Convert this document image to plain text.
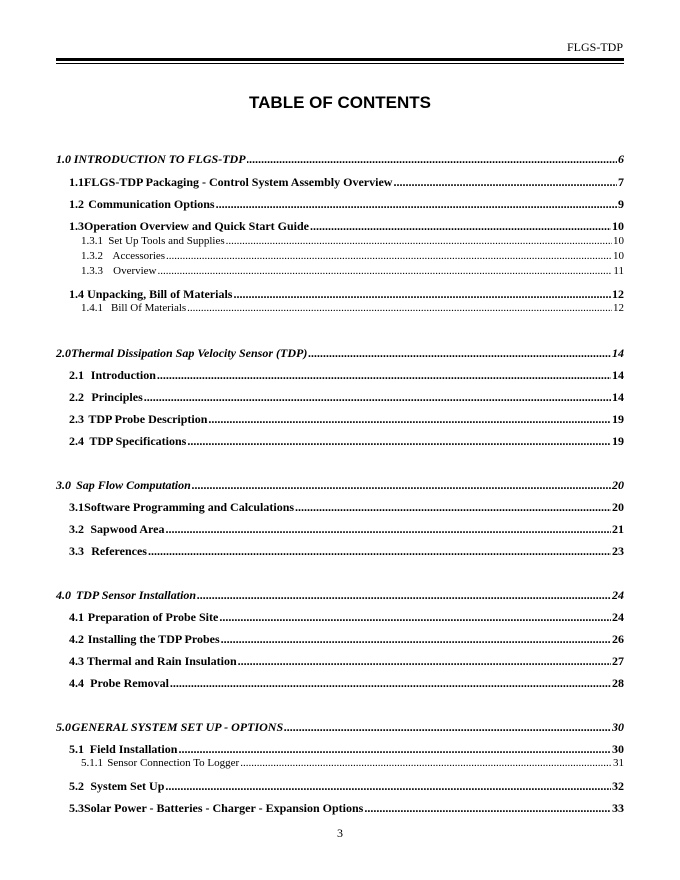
FLGS-TDP
TABLE OF CONTENTS
1.0 INTRODUCTION TO FLGS-TDP .....	6
1.1 FLGS-TDP Packaging - Control System Assembly Overview .....	7
1.2 Communication Options .....	9
1.3 Operation Overview and Quick Start Guide .....	10
1.3.1 Set Up Tools and Supplies .....	10
1.3.2 Accessories .....	10
1.3.3 Overview .....	11
1.4 Unpacking, Bill of Materials .....	12
1.4.1 Bill Of Materials .....	12
2.0 Thermal Dissipation Sap Velocity Sensor (TDP) .....	14
2.1 Introduction .....	14
2.2 Principles .....	14
2.3 TDP Probe Description .....	19
2.4 TDP Specifications .....	19
3.0 Sap Flow Computation .....	20
3.1 Software Programming and Calculations .....	20
3.2 Sapwood Area .....	21
3.3 References .....	23
4.0 TDP Sensor Installation .....	24
4.1 Preparation of Probe Site .....	24
4.2 Installing the TDP Probes .....	26
4.3 Thermal and Rain Insulation .....	27
4.4 Probe Removal .....	28
5.0 GENERAL SYSTEM SET UP - OPTIONS .....	30
5.1 Field Installation .....	30
5.1.1 Sensor Connection To Logger .....	31
5.2 System Set Up .....	32
5.3 Solar Power - Batteries - Charger - Expansion Options .....	33
3
